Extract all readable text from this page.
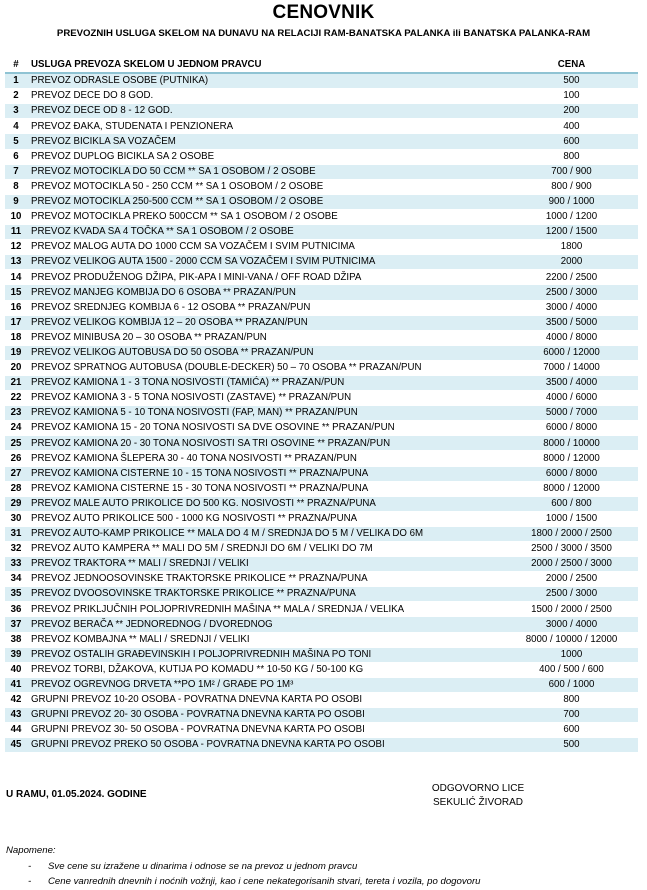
CENOVNIK
PREVOZNIH USLUGA SKELOM NA DUNAVU NA RELACIJI RAM-BANATSKA PALANKA ili BANATSKA PALANKA-RAM
#	USLUGA PREVOZA SKELOM U JEDNOM PRAVCU	CENA
1	PREVOZ ODRASLE OSOBE (PUTNIKA)	500
2	PREVOZ DECE DO 8 GOD.	100
3	PREVOZ DECE OD 8 - 12 GOD.	200
4	PREVOZ ĐAKA, STUDENATA I PENZIONERA	400
5	PREVOZ BICIKLA SA VOZAČEM	600
6	PREVOZ DUPLOG BICIKLA SA 2 OSOBE	800
7	PREVOZ MOTOCIKLA DO 50 CCM ** SA 1 OSOBOM / 2 OSOBE	700 / 900
8	PREVOZ MOTOCIKLA 50 - 250 CCM ** SA 1 OSOBOM / 2 OSOBE	800 / 900
9	PREVOZ MOTOCIKLA 250-500 CCM ** SA 1 OSOBOM / 2 OSOBE	900 / 1000
10	PREVOZ MOTOCIKLA PREKO 500CCM ** SA 1 OSOBOM / 2 OSOBE	1000 / 1200
11	PREVOZ KVADA SA 4 TOČKA ** SA 1 OSOBOM / 2 OSOBE	1200 / 1500
12	PREVOZ MALOG AUTA DO 1000 CCM SA VOZAČEM I SVIM PUTNICIMA	1800
13	PREVOZ VELIKOG AUTA 1500 - 2000 CCM SA VOZAČEM I SVIM PUTNICIMA	2000
14	PREVOZ PRODUŽENOG DŽIPA, PIK-APA I MINI-VANA / OFF ROAD DŽIPA	2200 / 2500
15	PREVOZ MANJEG KOMBIJA DO 6 OSOBA ** PRAZAN/PUN	2500 / 3000
16	PREVOZ SREDNJEG KOMBIJA 6 - 12 OSOBA ** PRAZAN/PUN	3000 / 4000
17	PREVOZ VELIKOG KOMBIJA 12 – 20 OSOBA ** PRAZAN/PUN	3500 / 5000
18	PREVOZ MINIBUSA 20 – 30 OSOBA ** PRAZAN/PUN	4000 / 8000
19	PREVOZ VELIKOG AUTOBUSA DO 50 OSOBA ** PRAZAN/PUN	6000 / 12000
20	PREVOZ SPRATNOG AUTOBUSA (DOUBLE-DECKER) 50 – 70 OSOBA ** PRAZAN/PUN	7000 / 14000
21	PREVOZ KAMIONA 1 - 3 TONA NOSIVOSTI (TAMIĆA) ** PRAZAN/PUN	3500 / 4000
22	PREVOZ KAMIONA 3 - 5 TONA NOSIVOSTI (ZASTAVE) ** PRAZAN/PUN	4000 / 6000
23	PREVOZ KAMIONA 5 - 10 TONA NOSIVOSTI (FAP, MAN) ** PRAZAN/PUN	5000 / 7000
24	PREVOZ KAMIONA 15 - 20 TONA NOSIVOSTI SA DVE OSOVINE ** PRAZAN/PUN	6000 / 8000
25	PREVOZ KAMIONA 20 - 30 TONA NOSIVOSTI SA TRI OSOVINE ** PRAZAN/PUN	8000 / 10000
26	PREVOZ KAMIONA ŠLEPERA 30 - 40 TONA NOSIVOSTI ** PRAZAN/PUN	8000 / 12000
27	PREVOZ KAMIONA CISTERNE 10 - 15 TONA NOSIVOSTI ** PRAZNA/PUNA	6000 / 8000
28	PREVOZ KAMIONA CISTERNE 15 - 30 TONA NOSIVOSTI ** PRAZNA/PUNA	8000 / 12000
29	PREVOZ MALE AUTO PRIKOLICE DO 500 KG. NOSIVOSTI ** PRAZNA/PUNA	600 / 800
30	PREVOZ AUTO PRIKOLICE 500 - 1000 KG NOSIVOSTI ** PRAZNA/PUNA	1000 / 1500
31	PREVOZ AUTO-KAMP PRIKOLICE ** MALA DO 4 M / SREDNJA DO 5 M / VELIKA DO 6M	1800 / 2000 / 2500
32	PREVOZ AUTO KAMPERA ** MALI DO 5M / SREDNJI DO 6M / VELIKI DO 7M	2500 / 3000 / 3500
33	PREVOZ TRAKTORA ** MALI / SREDNJI / VELIKI	2000 / 2500 / 3000
34	PREVOZ JEDNOOSOVINSKE TRAKTORSKE PRIKOLICE ** PRAZNA/PUNA	2000 / 2500
35	PREVOZ DVOOSOVINSKE TRAKTORSKE PRIKOLICE ** PRAZNA/PUNA	2500 / 3000
36	PREVOZ PRIKLJUČNIH POLJOPRIVREDNIH MAŠINA ** MALA / SREDNJA / VELIKA	1500 / 2000 / 2500
37	PREVOZ BERAČA ** JEDNOREDNOG / DVOREDNOG	3000 / 4000
38	PREVOZ KOMBAJNA ** MALI / SREDNJI / VELIKI	8000 / 10000 / 12000
39	PREVOZ OSTALIH GRAĐEVINSKIH I POLJOPRIVREDNIH MAŠINA PO TONI	1000
40	PREVOZ TORBI, DŽAKOVA, KUTIJA PO KOMADU ** 10-50 KG / 50-100 KG	400 / 500 / 600
41	PREVOZ OGREVNOG DRVETA **PO 1M² / GRAĐE PO 1M³	600 / 1000
42	GRUPNI PREVOZ 10-20 OSOBA - POVRATNA DNEVNA KARTA PO OSOBI	800
43	GRUPNI PREVOZ 20- 30 OSOBA - POVRATNA DNEVNA KARTA PO OSOBI	700
44	GRUPNI PREVOZ 30- 50 OSOBA - POVRATNA DNEVNA KARTA PO OSOBI	600
45	GRUPNI PREVOZ PREKO 50 OSOBA - POVRATNA DNEVNA KARTA PO OSOBI	500
U RAMU, 01.05.2024. GODINE
ODGOVORNO LICE
SEKULIĆ ŽIVORAD
Napomene:
- Sve cene su izražene u dinarima i odnose se na prevoz u jednom pravcu
- Cene vanrednih dnevnih i noćnih vožnji, kao i cene nekategorisanih stvari, tereta i vozila, po dogovoru
